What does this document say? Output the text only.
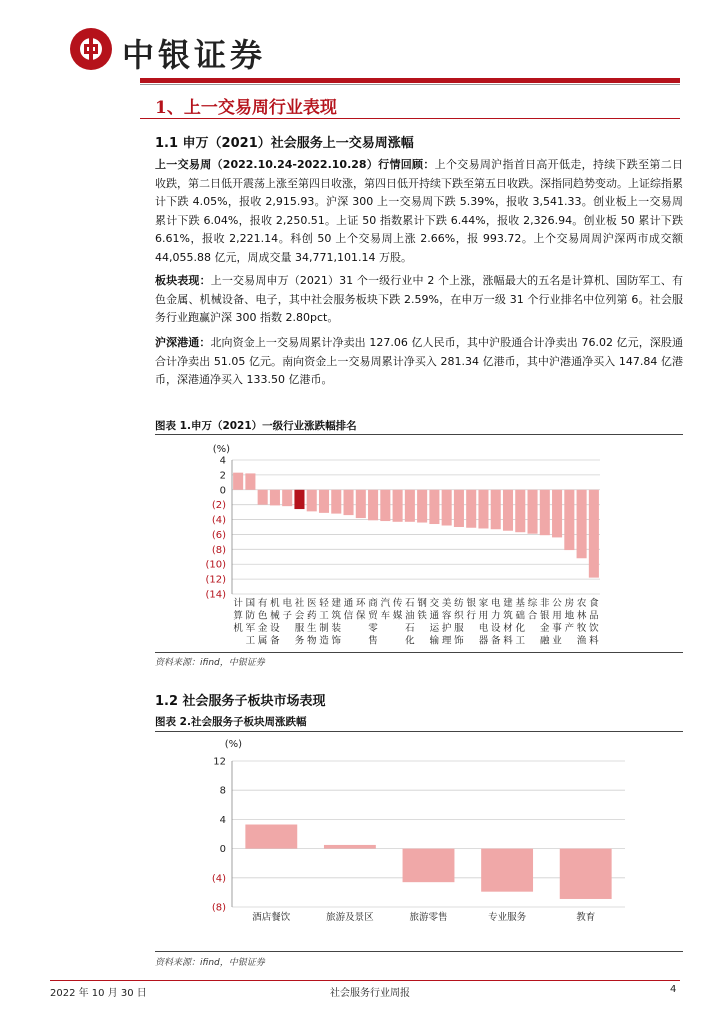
中银证券
1、上一交易周行业表现
1.1 申万（2021）社会服务上一交易周涨幅
上一交易周（2022.10.24-2022.10.28）行情回顾：上个交易周沪指首日高开低走，持续下跌至第二日收跌，第二日低开震荡上涨至第四日收涨，第四日低开持续下跌至第五日收跌。深指同趋势变动。上证综指累计下跌 4.05%，报收 2,915.93。沪深 300 上一交易周下跌 5.39%，报收 3,541.33。创业板上一交易周累计下跌 6.04%，报收 2,250.51。上证 50 指数累计下跌 6.44%，报收 2,326.94。创业板 50 累计下跌 6.61%，报收 2,221.14。科创 50 上个交易周上涨 2.66%，报 993.72。上个交易周周沪深两市成交额 44,055.88 亿元，周成交量 34,771,101.14 万股。
板块表现：上一交易周申万（2021）31 个一级行业中 2 个上涨，涨幅最大的五名是计算机、国防军工、有色金属、机械设备、电子，其中社会服务板块下跌 2.59%，在申万一级 31 个行业排名中位列第 6。社会服务行业跑赢沪深 300 指数 2.80pct。
沪深港通：北向资金上一交易周累计净卖出 127.06 亿人民币，其中沪股通合计净卖出 76.02 亿元，深股通合计净卖出 51.05 亿元。南向资金上一交易周累计净买入 281.34 亿港币，其中沪港通净买入 147.84 亿港币，深港通净买入 133.50 亿港币。
图表 1.申万（2021）一级行业涨跌幅排名
(%)
4
2
0
(2)
(4)
(6)
(8)
(10)
(12)
(14)
计算机
国防军工
有色金属
机械设备
电子
社会服务
医药生物
轻工制造
建筑装饰
通信
环保
商贸零售
汽车
传媒
石油石化
钢铁
交通运输
美容护理
纺织服饰
银行
家用电器
电力设备
建筑材料
基础化工
综合
非银金融
公用事业
房地产
农林牧渔
食品饮料
资料来源：ifind，中银证券
1.2 社会服务子板块市场表现
图表 2.社会服务子板块周涨跌幅
(%)
12
8
4
0
(4)
(8)
酒店餐饮	旅游及景区	旅游零售	专业服务	教育
资料来源：ifind，中银证券
2022 年 10 月 30 日	社会服务行业周报	4
